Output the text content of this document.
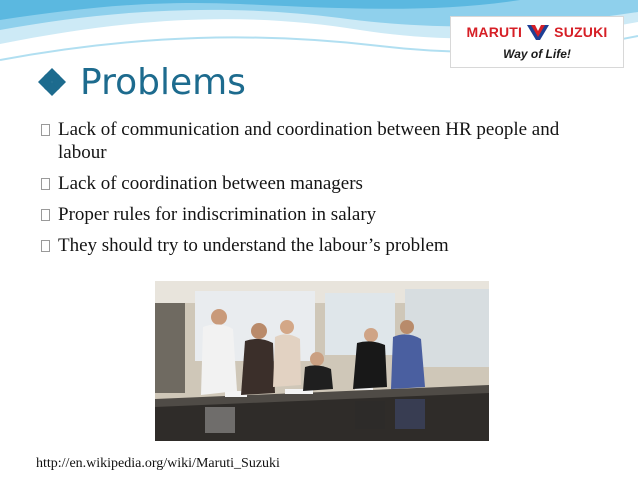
MARUTI SUZUKI
Way of Life!
Problems
Lack of communication and coordination between HR people and labour
Lack of coordination between managers
Proper rules for indiscrimination in salary
They should try to understand the labour’s problem
http://en.wikipedia.org/wiki/Maruti_Suzuki
